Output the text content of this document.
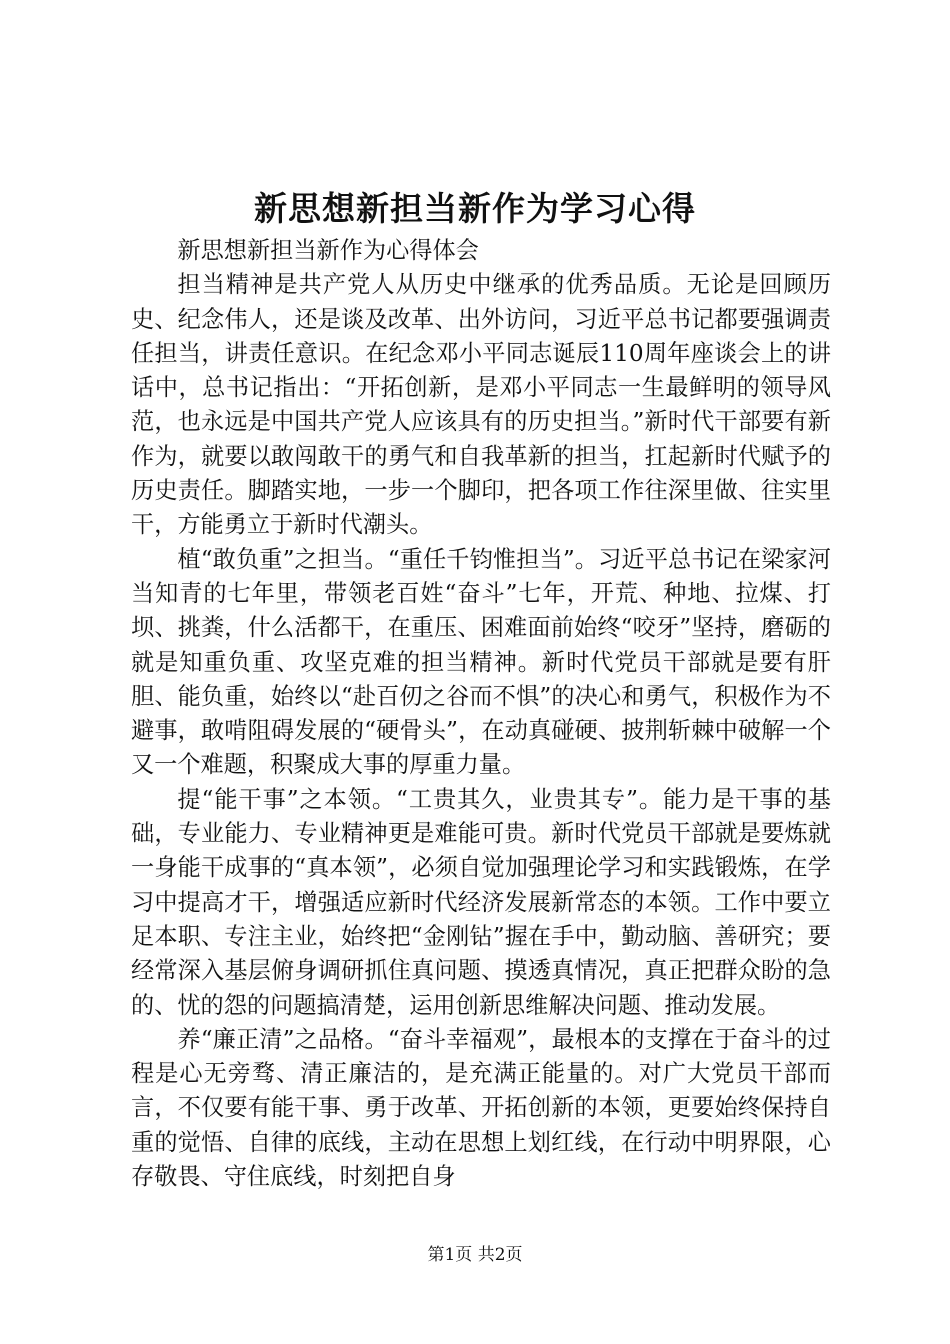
新思想新担当新作为学习心得

新思想新担当新作为心得体会

担当精神是共产党人从历史中继承的优秀品质。无论是回顾历史、纪念伟人，还是谈及改革、出外访问，习近平总书记都要强调责任担当，讲责任意识。在纪念邓小平同志诞辰110周年座谈会上的讲话中，总书记指出：“开拓创新，是邓小平同志一生最鲜明的领导风范，也永远是中国共产党人应该具有的历史担当。”新时代干部要有新作为，就要以敢闯敢干的勇气和自我革新的担当，扛起新时代赋予的历史责任。脚踏实地，一步一个脚印，把各项工作往深里做、往实里干，方能勇立于新时代潮头。

植“敢负重”之担当。“重任千钧惟担当”。习近平总书记在梁家河当知青的七年里，带领老百姓“奋斗”七年，开荒、种地、拉煤、打坝、挑粪，什么活都干，在重压、困难面前始终“咬牙”坚持，磨砺的就是知重负重、攻坚克难的担当精神。新时代党员干部就是要有肝胆、能负重，始终以“赴百仞之谷而不惧”的决心和勇气，积极作为不避事，敢啃阻碍发展的“硬骨头”，在动真碰硬、披荆斩棘中破解一个又一个难题，积聚成大事的厚重力量。

提“能干事”之本领。“工贵其久，业贵其专”。能力是干事的基础，专业能力、专业精神更是难能可贵。新时代党员干部就是要炼就一身能干成事的“真本领”，必须自觉加强理论学习和实践锻炼，在学习中提高才干，增强适应新时代经济发展新常态的本领。工作中要立足本职、专注主业，始终把“金刚钻”握在手中，勤动脑、善研究；要经常深入基层俯身调研抓住真问题、摸透真情况，真正把群众盼的急的、忧的怨的问题搞清楚，运用创新思维解决问题、推动发展。

养“廉正清”之品格。“奋斗幸福观”，最根本的支撑在于奋斗的过程是心无旁骛、清正廉洁的，是充满正能量的。对广大党员干部而言，不仅要有能干事、勇于改革、开拓创新的本领，更要始终保持自重的觉悟、自律的底线，主动在思想上划红线，在行动中明界限，心存敬畏、守住底线，时刻把自身

第1页 共2页
